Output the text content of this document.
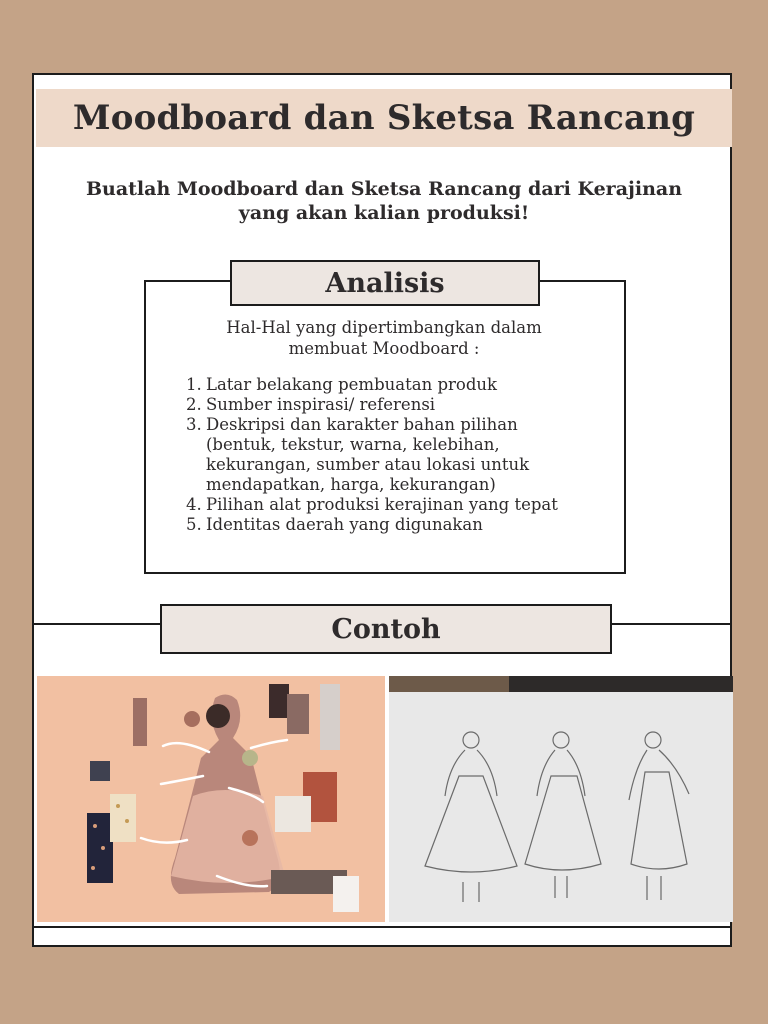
Moodboard dan Sketsa Rancang
Buatlah Moodboard dan Sketsa Rancang dari Kerajinan
yang akan kalian produksi!
Analisis
Hal-Hal yang dipertimbangkan dalam
membuat Moodboard :
1. Latar belakang pembuatan produk
2. Sumber inspirasi/ referensi
3. Deskripsi dan karakter bahan pilihan
(bentuk, tekstur, warna, kelebihan,
kekurangan, sumber atau lokasi untuk
mendapatkan, harga, kekurangan)
4. Pilihan alat produksi kerajinan yang tepat
5. Identitas daerah yang digunakan
Contoh
